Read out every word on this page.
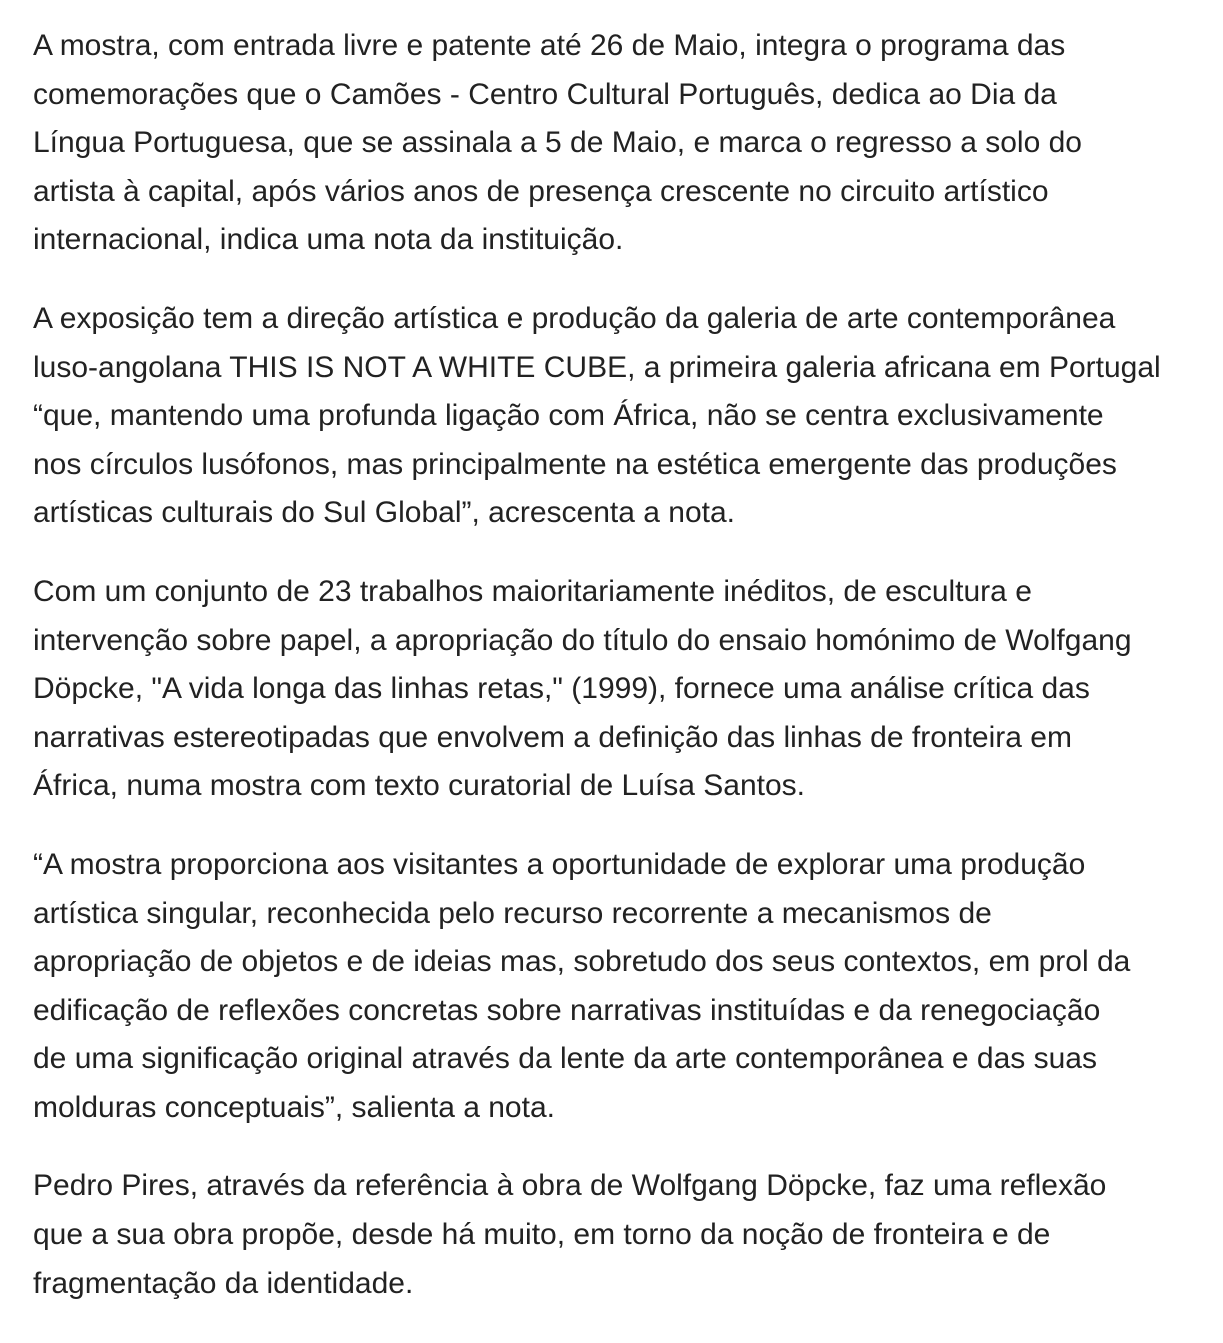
A mostra, com entrada livre e patente até 26 de Maio, integra o programa das
comemorações que o Camões - Centro Cultural Português, dedica ao Dia da
Língua Portuguesa, que se assinala a 5 de Maio, e marca o regresso a solo do
artista à capital, após vários anos de presença crescente no circuito artístico
internacional, indica uma nota da instituição.

A exposição tem a direção artística e produção da galeria de arte contemporânea
luso-angolana THIS IS NOT A WHITE CUBE, a primeira galeria africana em Portugal
“que, mantendo uma profunda ligação com África, não se centra exclusivamente
nos círculos lusófonos, mas principalmente na estética emergente das produções
artísticas culturais do Sul Global”, acrescenta a nota.

Com um conjunto de 23 trabalhos maioritariamente inéditos, de escultura e
intervenção sobre papel, a apropriação do título do ensaio homónimo de Wolfgang
Döpcke, "A vida longa das linhas retas," (1999), fornece uma análise crítica das
narrativas estereotipadas que envolvem a definição das linhas de fronteira em
África, numa mostra com texto curatorial de Luísa Santos.

“A mostra proporciona aos visitantes a oportunidade de explorar uma produção
artística singular, reconhecida pelo recurso recorrente a mecanismos de
apropriação de objetos e de ideias mas, sobretudo dos seus contextos, em prol da
edificação de reflexões concretas sobre narrativas instituídas e da renegociação
de uma significação original através da lente da arte contemporânea e das suas
molduras conceptuais”, salienta a nota.

Pedro Pires, através da referência à obra de Wolfgang Döpcke, faz uma reflexão
que a sua obra propõe, desde há muito, em torno da noção de fronteira e de
fragmentação da identidade.
